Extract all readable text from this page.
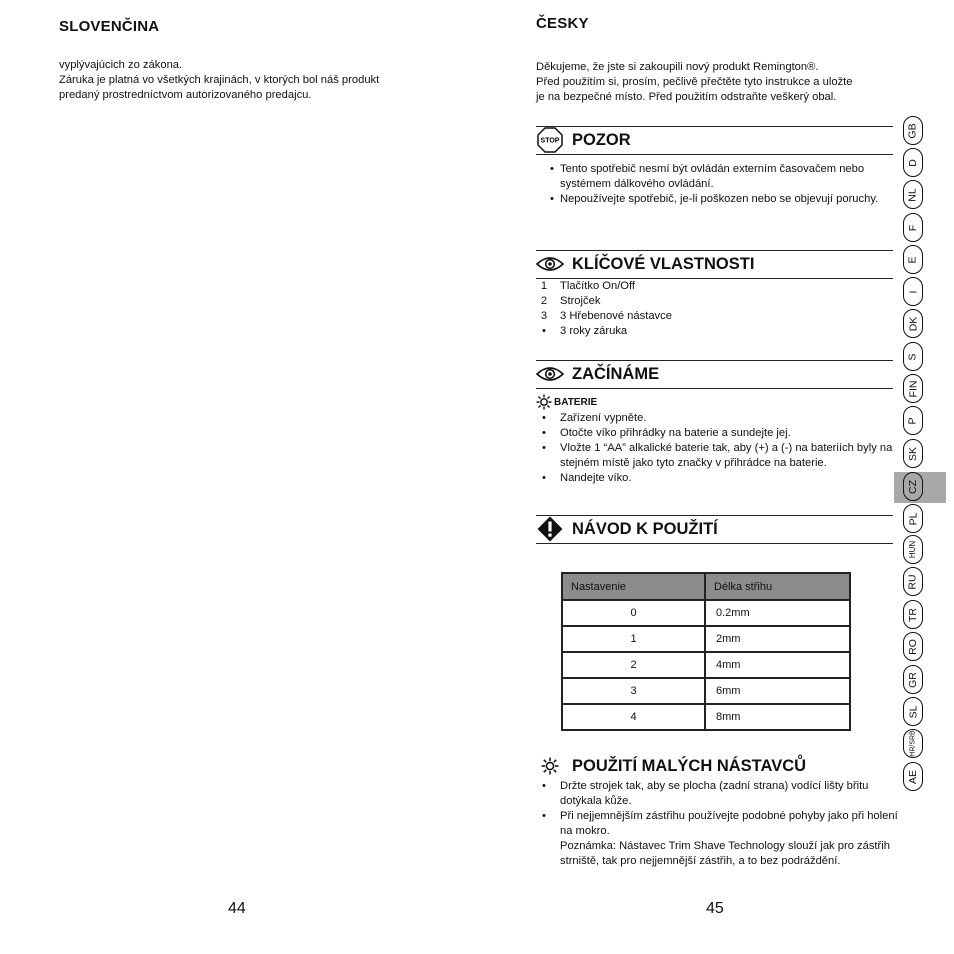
SLOVENČINA

vyplývajúcich zo zákona.

Záruka je platná vo všetkých krajinách, v ktorých bol náš produkt

predaný prostredníctvom autorizovaného predajcu.

44
ČESKY

Děkujeme, že jste si zakoupili nový produkt Remington®.

Před použitím si, prosím, pečlivě přečtěte tyto instrukce a uložte

je na bezpečné místo. Před použitím odstraňte veškerý obal.

STOP POZOR
• Tento spotřebič nesmí být ovládán externím časovačem nebo systémem dálkového ovládání.
• Nepoužívejte spotřebič, je-li poškozen nebo se objevují poruchy.
KLÍČOVÉ VLASTNOSTI
1	Tlačítko On/Off
2	Strojček
3	3 Hřebenové nástavce
•	3 roky záruka
ZAČÍNÁME
BATERIE
•	Zařízení vypněte.
•	Otočte víko přihrádky na baterie a sundejte jej.
•	Vložte 1 “AA” alkalické baterie tak, aby (+) a (-) na bateriích byly na stejném místě jako tyto značky v přihrádce na baterie.
•	Nandejte víko.
NÁVOD K POUŽITÍ
Nastavenie	Délka střihu
0	0.2mm
1	2mm
2	4mm
3	6mm
4	8mm
POUŽITÍ MALÝCH NÁSTAVCŮ
•	Držte strojek tak, aby se plocha (zadní strana) vodící lišty břitu dotýkala kůže.
•	Při nejjemnějším zástřihu používejte podobné pohyby jako při holení na mokro.
Poznámka: Nástavec Trim Shave Technology slouží jak pro zástřih strniště, tak pro nejjemnější zástřih, a to bez podráždění.
45
GB
D
NL
F
E
I
DK
S
FIN
P
SK
CZ
PL
HUN
RU
TR
RO
GR
SL
HR/SRB
AE
